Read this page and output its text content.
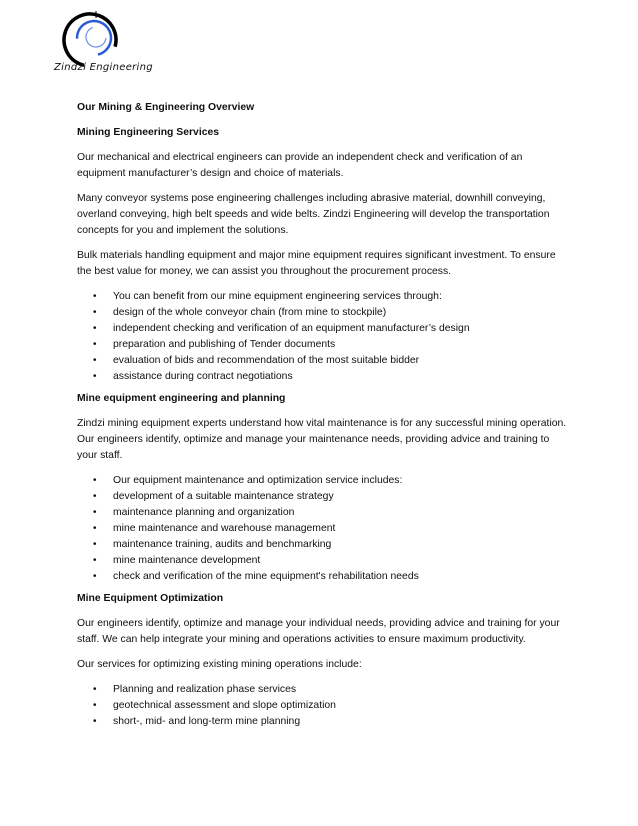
Zindzi Engineering
Our Mining & Engineering Overview
Mining Engineering Services

Our mechanical and electrical engineers can provide an independent check and verification of an equipment manufacturer’s design and choice of materials.

Many conveyor systems pose engineering challenges including abrasive material, downhill conveying, overland conveying, high belt speeds and wide belts. Zindzi Engineering will develop the transportation concepts for you and implement the solutions.

Bulk materials handling equipment and major mine equipment requires significant investment. To ensure the best value for money, we can assist you throughout the procurement process.

• You can benefit from our mine equipment engineering services through:
• design of the whole conveyor chain (from mine to stockpile)
• independent checking and verification of an equipment manufacturer’s design
• preparation and publishing of Tender documents
• evaluation of bids and recommendation of the most suitable bidder
• assistance during contract negotiations
Mine equipment engineering and planning

Zindzi mining equipment experts understand how vital maintenance is for any successful mining operation. Our engineers identify, optimize and manage your maintenance needs, providing advice and training to your staff.

• Our equipment maintenance and optimization service includes:
• development of a suitable maintenance strategy
• maintenance planning and organization
• mine maintenance and warehouse management
• maintenance training, audits and benchmarking
• mine maintenance development
• check and verification of the mine equipment's rehabilitation needs
Mine Equipment Optimization

Our engineers identify, optimize and manage your individual needs, providing advice and training for your staff. We can help integrate your mining and operations activities to ensure maximum productivity.

Our services for optimizing existing mining operations include:

• Planning and realization phase services
• geotechnical assessment and slope optimization
• short-, mid- and long-term mine planning
